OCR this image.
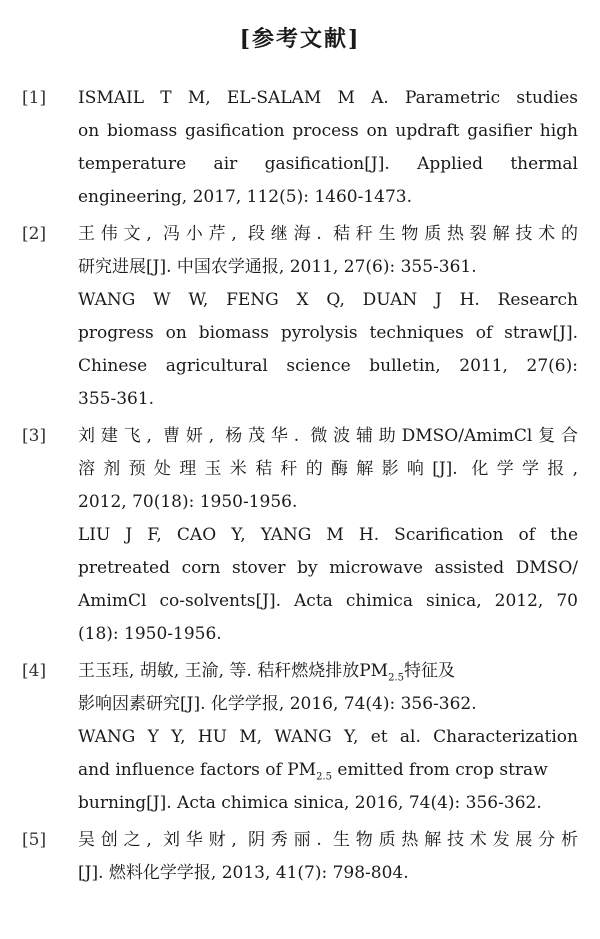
[参考文献]
[1]	ISMAIL T M, EL-SALAM M A. Parametric studies
on biomass gasification process on updraft gasifier high
temperature air gasification[J]. Applied thermal
engineering, 2017, 112(5): 1460-1473.
[2]	王伟文, 冯小芹, 段继海. 秸秆生物质热裂解技术的
研究进展[J]. 中国农学通报, 2011, 27(6): 355-361.
WANG W W, FENG X Q, DUAN J H. Research
progress on biomass pyrolysis techniques of straw[J].
Chinese agricultural science bulletin, 2011, 27(6):
355-361.
[3]	刘建飞, 曹妍, 杨茂华. 微波辅助DMSO/AmimCl复合
溶剂预处理玉米秸秆的酶解影响[J]. 化学学报,
2012, 70(18): 1950-1956.
LIU J F, CAO Y, YANG M H. Scarification of the
pretreated corn stover by microwave assisted DMSO/
AmimCl co-solvents[J]. Acta chimica sinica, 2012, 70
(18): 1950-1956.
[4]	王玉珏, 胡敏, 王渝, 等. 秸秆燃烧排放$PM_{2.5}$特征及
影响因素研究[J]. 化学学报, 2016, 74(4): 356-362.
WANG Y Y, HU M, WANG Y, et al. Characterization
and influence factors of $PM_{2.5}$ emitted from crop straw
burning[J]. Acta chimica sinica, 2016, 74(4): 356-362.
[5]	吴创之, 刘华财, 阴秀丽. 生物质热解技术发展分析
[J]. 燃料化学学报, 2013, 41(7): 798-804.
